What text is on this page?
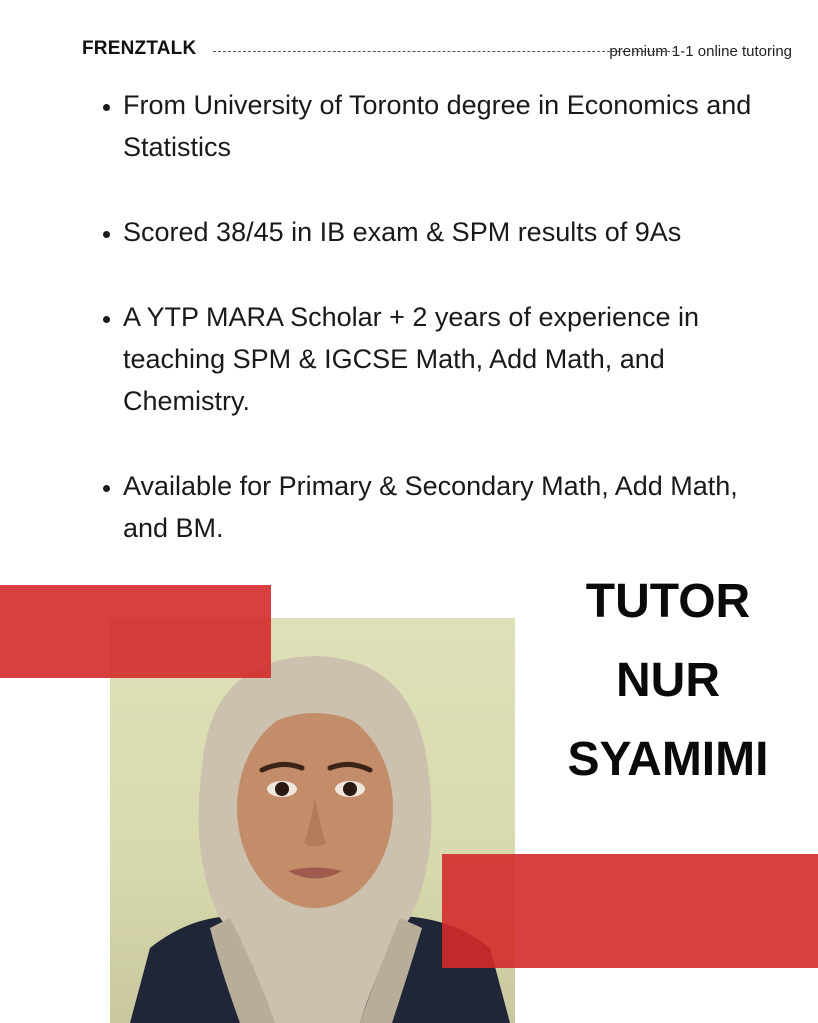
FRENZTALK	premium 1-1 online tutoring
• From University of Toronto degree in Economics and Statistics
• Scored 38/45 in IB exam & SPM results of 9As
• A YTP MARA Scholar + 2 years of experience in teaching SPM & IGCSE Math, Add Math, and Chemistry.
• Available for Primary & Secondary Math, Add Math, and BM.
TUTOR
NUR
SYAMIMI
